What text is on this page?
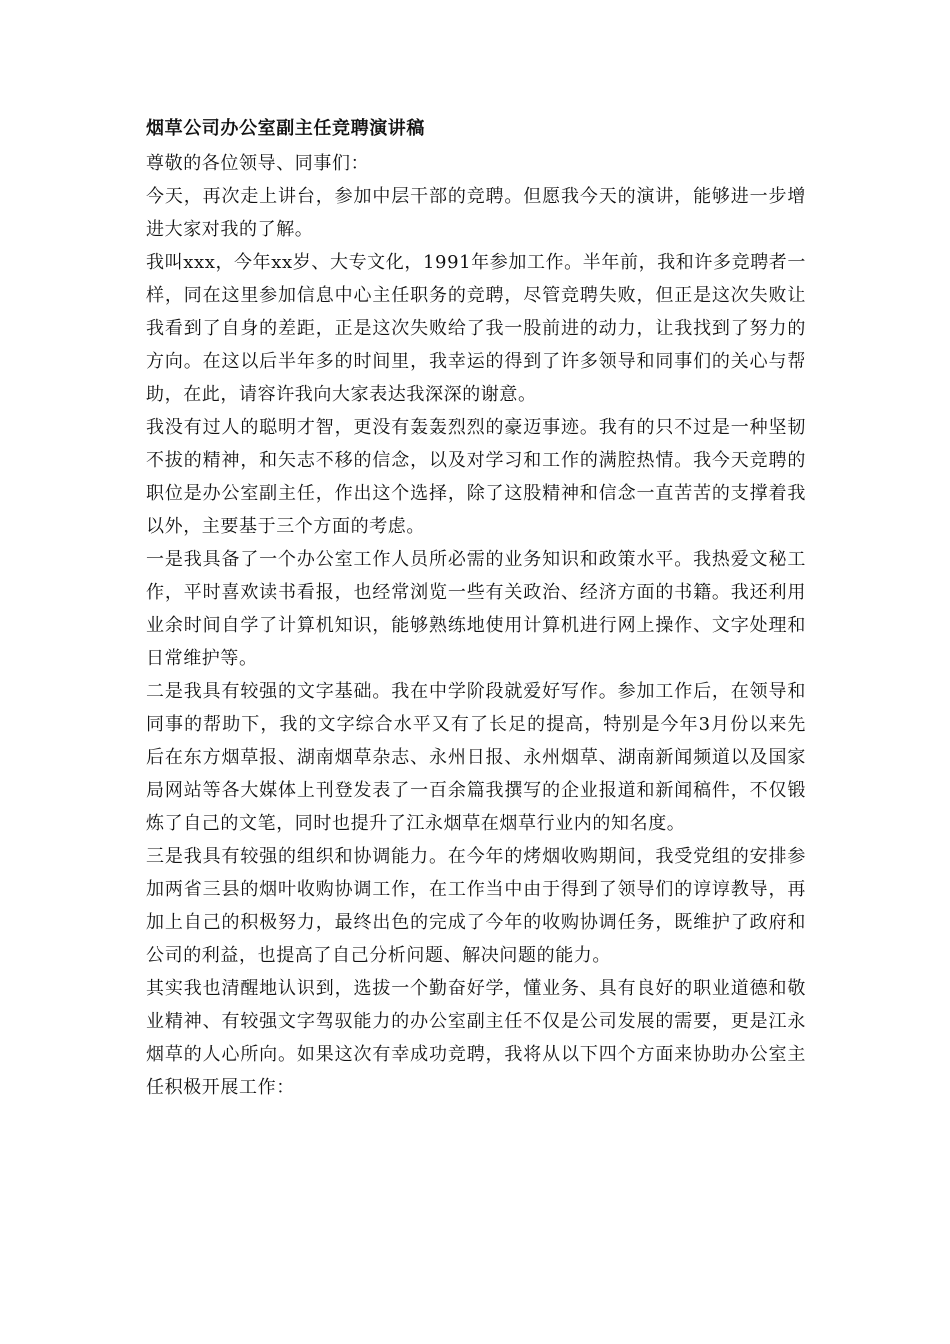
烟草公司办公室副主任竞聘演讲稿

尊敬的各位领导、同事们：

今天，再次走上讲台，参加中层干部的竞聘。但愿我今天的演讲，能够进一步增进大家对我的了解。

我叫xxx，今年xx岁、大专文化，1991年参加工作。半年前，我和许多竞聘者一样，同在这里参加信息中心主任职务的竞聘，尽管竞聘失败，但正是这次失败让我看到了自身的差距，正是这次失败给了我一股前进的动力，让我找到了努力的方向。在这以后半年多的时间里，我幸运的得到了许多领导和同事们的关心与帮助，在此，请容许我向大家表达我深深的谢意。

我没有过人的聪明才智，更没有轰轰烈烈的豪迈事迹。我有的只不过是一种坚韧不拔的精神，和矢志不移的信念，以及对学习和工作的满腔热情。我今天竞聘的职位是办公室副主任，作出这个选择，除了这股精神和信念一直苦苦的支撑着我以外，主要基于三个方面的考虑。

一是我具备了一个办公室工作人员所必需的业务知识和政策水平。我热爱文秘工作，平时喜欢读书看报，也经常浏览一些有关政治、经济方面的书籍。我还利用业余时间自学了计算机知识，能够熟练地使用计算机进行网上操作、文字处理和日常维护等。

二是我具有较强的文字基础。我在中学阶段就爱好写作。参加工作后，在领导和同事的帮助下，我的文字综合水平又有了长足的提高，特别是今年3月份以来先后在东方烟草报、湖南烟草杂志、永州日报、永州烟草、湖南新闻频道以及国家局网站等各大媒体上刊登发表了一百余篇我撰写的企业报道和新闻稿件，不仅锻炼了自己的文笔，同时也提升了江永烟草在烟草行业内的知名度。

三是我具有较强的组织和协调能力。在今年的烤烟收购期间，我受党组的安排参加两省三县的烟叶收购协调工作，在工作当中由于得到了领导们的谆谆教导，再加上自己的积极努力，最终出色的完成了今年的收购协调任务，既维护了政府和公司的利益，也提高了自己分析问题、解决问题的能力。

其实我也清醒地认识到，选拔一个勤奋好学，懂业务、具有良好的职业道德和敬业精神、有较强文字驾驭能力的办公室副主任不仅是公司发展的需要，更是江永烟草的人心所向。如果这次有幸成功竞聘，我将从以下四个方面来协助办公室主任积极开展工作：
